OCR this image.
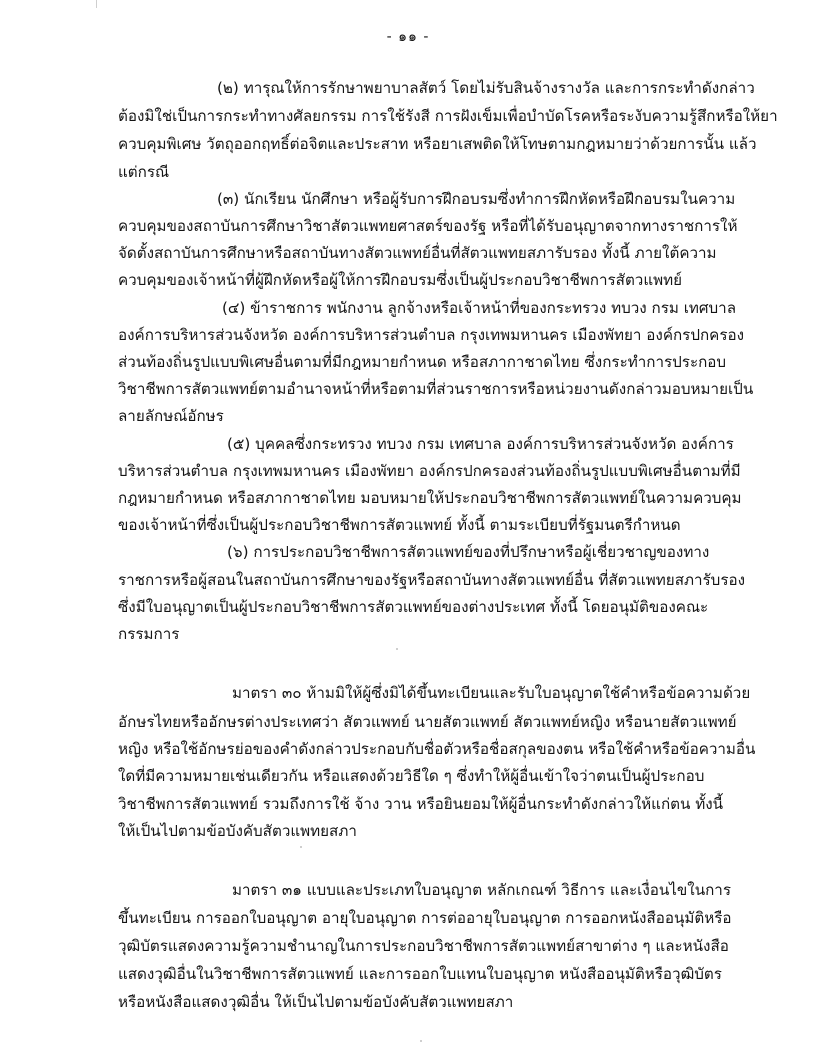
- ๑๑ -
(๒) ทารุณให้การรักษาพยาบาลสัตว์ โดยไม่รับสินจ้างรางวัล และการกระทำดังกล่าว
ต้องมิใช่เป็นการกระทำทางศัลยกรรม การใช้รังสี การฝังเข็มเพื่อบำบัดโรคหรือระงับความรู้สึกหรือให้ยา
ควบคุมพิเศษ วัตถุออกฤทธิ์ต่อจิตและประสาท หรือยาเสพติดให้โทษตามกฎหมายว่าด้วยการนั้น แล้ว
แต่กรณี
(๓) นักเรียน นักศึกษา หรือผู้รับการฝึกอบรมซึ่งทำการฝึกหัดหรือฝึกอบรมในความ
ควบคุมของสถาบันการศึกษาวิชาสัตวแพทยศาสตร์ของรัฐ หรือที่ได้รับอนุญาตจากทางราชการให้
จัดตั้งสถาบันการศึกษาหรือสถาบันทางสัตวแพทย์อื่นที่สัตวแพทยสภารับรอง ทั้งนี้ ภายใต้ความ
ควบคุมของเจ้าหน้าที่ผู้ฝึกหัดหรือผู้ให้การฝึกอบรมซึ่งเป็นผู้ประกอบวิชาชีพการสัตวแพทย์
(๔) ข้าราชการ พนักงาน ลูกจ้างหรือเจ้าหน้าที่ของกระทรวง ทบวง กรม เทศบาล
องค์การบริหารส่วนจังหวัด องค์การบริหารส่วนตำบล กรุงเทพมหานคร เมืองพัทยา องค์กรปกครอง
ส่วนท้องถิ่นรูปแบบพิเศษอื่นตามที่มีกฎหมายกำหนด หรือสภากาชาดไทย ซึ่งกระทำการประกอบ
วิชาชีพการสัตวแพทย์ตามอำนาจหน้าที่หรือตามที่ส่วนราชการหรือหน่วยงานดังกล่าวมอบหมายเป็น
ลายลักษณ์อักษร
(๕) บุคคลซึ่งกระทรวง ทบวง กรม เทศบาล องค์การบริหารส่วนจังหวัด องค์การ
บริหารส่วนตำบล กรุงเทพมหานคร เมืองพัทยา องค์กรปกครองส่วนท้องถิ่นรูปแบบพิเศษอื่นตามที่มี
กฎหมายกำหนด หรือสภากาชาดไทย มอบหมายให้ประกอบวิชาชีพการสัตวแพทย์ในความควบคุม
ของเจ้าหน้าที่ซึ่งเป็นผู้ประกอบวิชาชีพการสัตวแพทย์ ทั้งนี้ ตามระเบียบที่รัฐมนตรีกำหนด
(๖) การประกอบวิชาชีพการสัตวแพทย์ของที่ปรึกษาหรือผู้เชี่ยวชาญของทาง
ราชการหรือผู้สอนในสถาบันการศึกษาของรัฐหรือสถาบันทางสัตวแพทย์อื่น ที่สัตวแพทยสภารับรอง
ซึ่งมีใบอนุญาตเป็นผู้ประกอบวิชาชีพการสัตวแพทย์ของต่างประเทศ ทั้งนี้ โดยอนุมัติของคณะ
กรรมการ
มาตรา ๓๐ ห้ามมิให้ผู้ซึ่งมิได้ขึ้นทะเบียนและรับใบอนุญาตใช้คำหรือข้อความด้วย
อักษรไทยหรืออักษรต่างประเทศว่า สัตวแพทย์ นายสัตวแพทย์ สัตวแพทย์หญิง หรือนายสัตวแพทย์
หญิง หรือใช้อักษรย่อของคำดังกล่าวประกอบกับชื่อตัวหรือชื่อสกุลของตน หรือใช้คำหรือข้อความอื่น
ใดที่มีความหมายเช่นเดียวกัน หรือแสดงด้วยวิธีใด ๆ ซึ่งทำให้ผู้อื่นเข้าใจว่าตนเป็นผู้ประกอบ
วิชาชีพการสัตวแพทย์ รวมถึงการใช้ จ้าง วาน หรือยินยอมให้ผู้อื่นกระทำดังกล่าวให้แก่ตน ทั้งนี้
ให้เป็นไปตามข้อบังคับสัตวแพทยสภา
มาตรา ๓๑ แบบและประเภทใบอนุญาต หลักเกณฑ์ วิธีการ และเงื่อนไขในการ
ขึ้นทะเบียน การออกใบอนุญาต อายุใบอนุญาต การต่ออายุใบอนุญาต การออกหนังสืออนุมัติหรือ
วุฒิบัตรแสดงความรู้ความชำนาญในการประกอบวิชาชีพการสัตวแพทย์สาขาต่าง ๆ และหนังสือ
แสดงวุฒิอื่นในวิชาชีพการสัตวแพทย์ และการออกใบแทนใบอนุญาต หนังสืออนุมัติหรือวุฒิบัตร
หรือหนังสือแสดงวุฒิอื่น ให้เป็นไปตามข้อบังคับสัตวแพทยสภา
